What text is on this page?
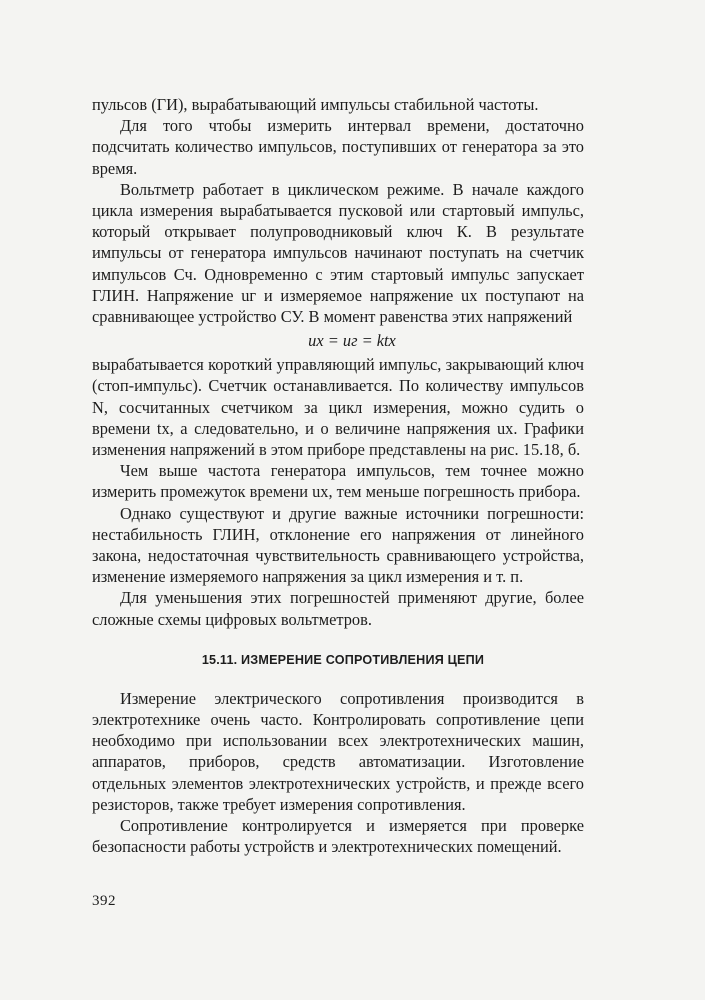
пульсов (ГИ), вырабатывающий импульсы стабильной частоты.

Для того чтобы измерить интервал времени, достаточно подсчитать количество импульсов, поступивших от генератора за это время.

Вольтметр работает в циклическом режиме. В начале каждого цикла измерения вырабатывается пусковой или стартовый импульс, который открывает полупроводниковый ключ К. В результате импульсы от генератора импульсов начинают поступать на счетчик импульсов Сч. Одновременно с этим стартовый импульс запускает ГЛИН. Напряжение uг и измеряемое напряжение ux поступают на сравнивающее устройство СУ. В момент равенства этих напряжений

ux = uг = ktx

вырабатывается короткий управляющий импульс, закрывающий ключ (стоп-импульс). Счетчик останавливается. По количеству импульсов N, сосчитанных счетчиком за цикл измерения, можно судить о времени tx, а следовательно, и о величине напряжения ux. Графики изменения напряжений в этом приборе представлены на рис. 15.18, б.

Чем выше частота генератора импульсов, тем точнее можно измерить промежуток времени ux, тем меньше погрешность прибора.

Однако существуют и другие важные источники погрешности: нестабильность ГЛИН, отклонение его напряжения от линейного закона, недостаточная чувствительность сравнивающего устройства, изменение измеряемого напряжения за цикл измерения и т. п.

Для уменьшения этих погрешностей применяют другие, более сложные схемы цифровых вольтметров.

15.11. ИЗМЕРЕНИЕ СОПРОТИВЛЕНИЯ ЦЕПИ

Измерение электрического сопротивления производится в электротехнике очень часто. Контролировать сопротивление цепи необходимо при использовании всех электротехнических машин, аппаратов, приборов, средств автоматизации. Изготовление отдельных элементов электротехнических устройств, и прежде всего резисторов, также требует измерения сопротивления.

Сопротивление контролируется и измеряется при проверке безопасности работы устройств и электротехнических помещений.

392
